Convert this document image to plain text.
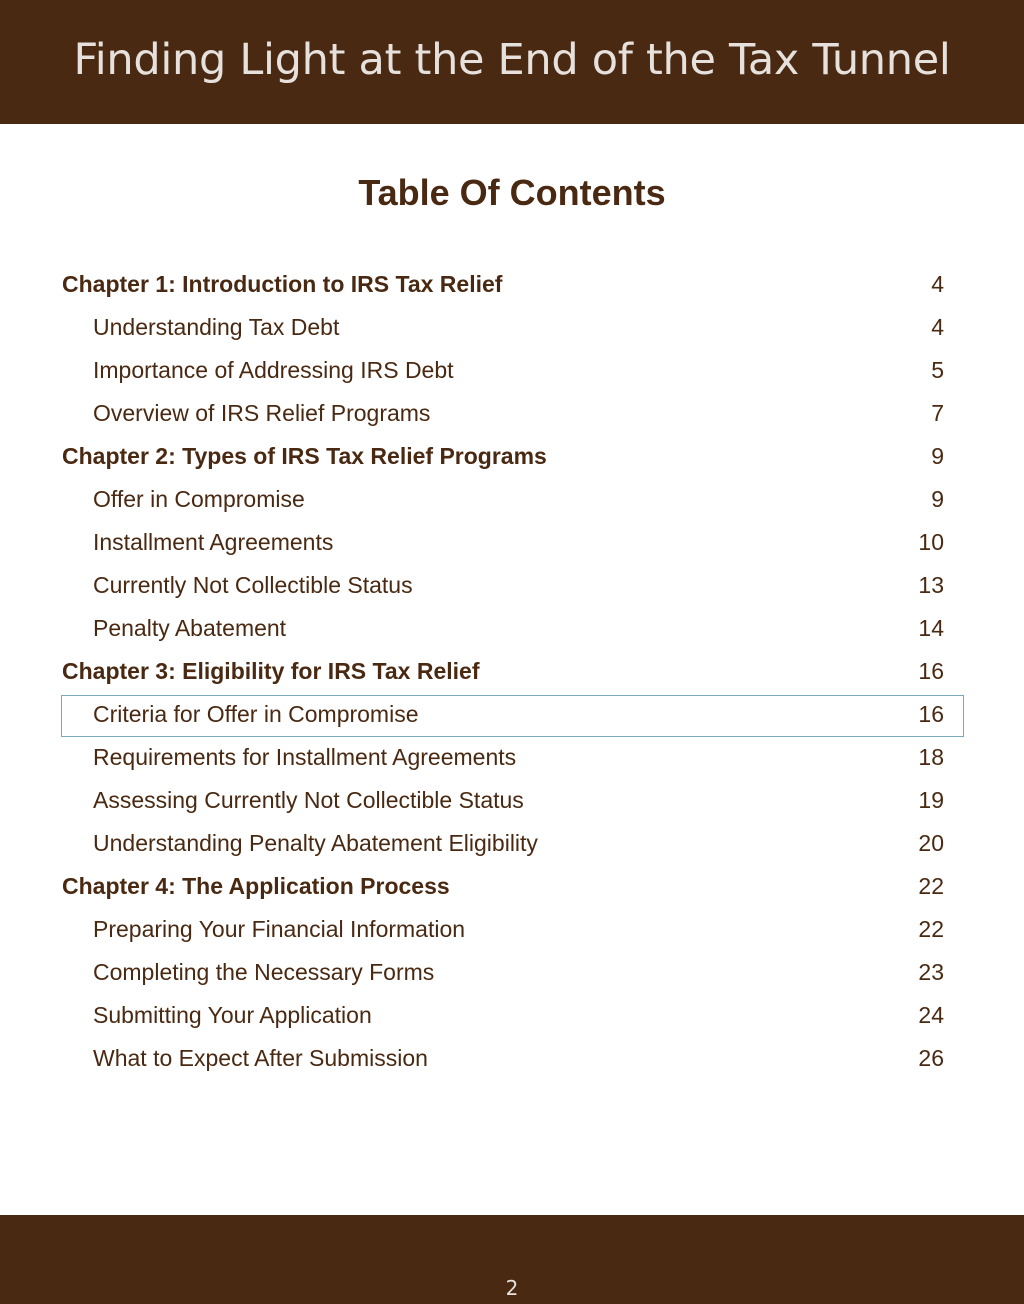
Finding Light at the End of the Tax Tunnel
Table Of Contents
Chapter 1: Introduction to IRS Tax Relief	4
Understanding Tax Debt	4
Importance of Addressing IRS Debt	5
Overview of IRS Relief Programs	7
Chapter 2: Types of IRS Tax Relief Programs	9
Offer in Compromise	9
Installment Agreements	10
Currently Not Collectible Status	13
Penalty Abatement	14
Chapter 3: Eligibility for IRS Tax Relief	16
Criteria for Offer in Compromise	16
Requirements for Installment Agreements	18
Assessing Currently Not Collectible Status	19
Understanding Penalty Abatement Eligibility	20
Chapter 4: The Application Process	22
Preparing Your Financial Information	22
Completing the Necessary Forms	23
Submitting Your Application	24
What to Expect After Submission	26
2
